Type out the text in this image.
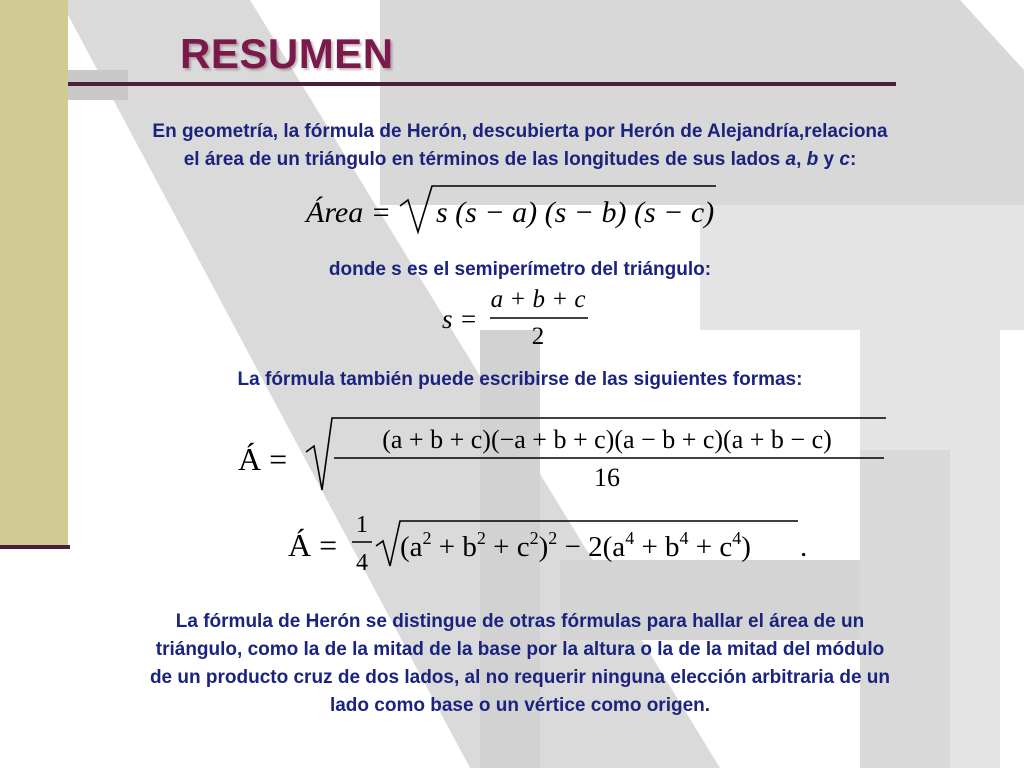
RESUMEN

En geometría, la fórmula de Herón, descubierta por Herón de Alejandría,relaciona
el área de un triángulo en términos de las longitudes de sus lados a, b y c:

Área = s (s − a) (s − b) (s − c)

donde s es el semiperímetro del triángulo:

s =
a + b + c
2

La fórmula también puede escribirse de las siguientes formas:

Á =
(a + b + c)(−a + b + c)(a − b + c)(a + b − c)
16
Á =
1
4 $(a^2 + b^2 + c^2)^2 - 2(a^4 + b^4 + c^4)$ .

La fórmula de Herón se distingue de otras fórmulas para hallar el área de un
triángulo, como la de la mitad de la base por la altura o la de la mitad del módulo
de un producto cruz de dos lados, al no requerir ninguna elección arbitraria de un
lado como base o un vértice como origen.
